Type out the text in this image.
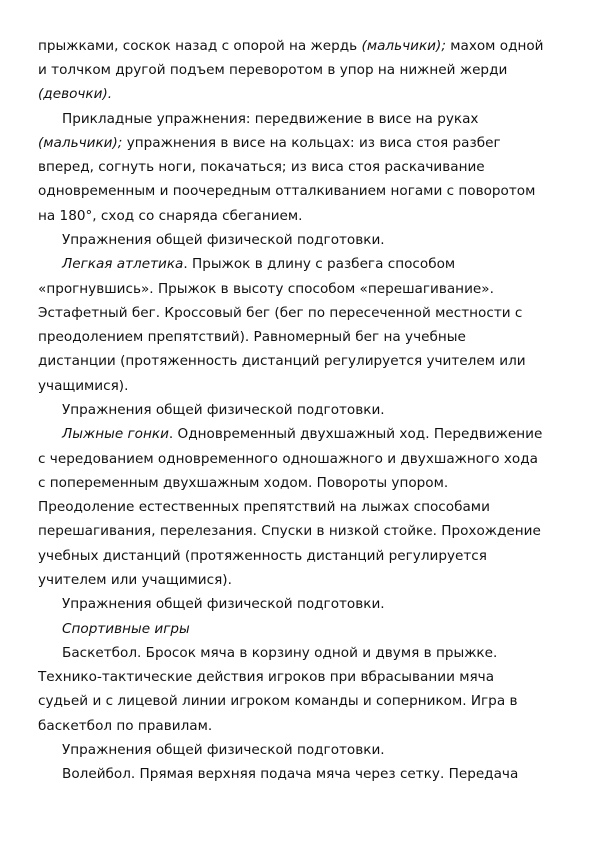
прыжками, соскок назад с опорой на жердь (мальчики); махом одной
и толчком другой подъем переворотом в упор на нижней жерди
(девочки).
Прикладные упражнения: передвижение в висе на руках
(мальчики); упражнения в висе на кольцах: из виса стоя разбег
вперед, согнуть ноги, покачаться; из виса стоя раскачивание
одновременным и поочередным отталкиванием ногами с поворотом
на 180°, сход со снаряда сбеганием.
Упражнения общей физической подготовки.
Легкая атлетика. Прыжок в длину с разбега способом
«прогнувшись». Прыжок в высоту способом «перешагивание».
Эстафетный бег. Кроссовый бег (бег по пересеченной местности с
преодолением препятствий). Равномерный бег на учебные
дистанции (протяженность дистанций регулируется учителем или
учащимися).
Упражнения общей физической подготовки.
Лыжные гонки. Одновременный двухшажный ход. Передвижение
с чередованием одновременного одношажного и двухшажного хода
с попеременным двухшажным ходом. Повороты упором.
Преодоление естественных препятствий на лыжах способами
перешагивания, перелезания. Спуски в низкой стойке. Прохождение
учебных дистанций (протяженность дистанций регулируется
учителем или учащимися).
Упражнения общей физической подготовки.
Спортивные игры
Баскетбол. Бросок мяча в корзину одной и двумя в прыжке.
Технико-тактические действия игроков при вбрасывании мяча
судьей и с лицевой линии игроком команды и соперником. Игра в
баскетбол по правилам.
Упражнения общей физической подготовки.
Волейбол. Прямая верхняя подача мяча через сетку. Передача
